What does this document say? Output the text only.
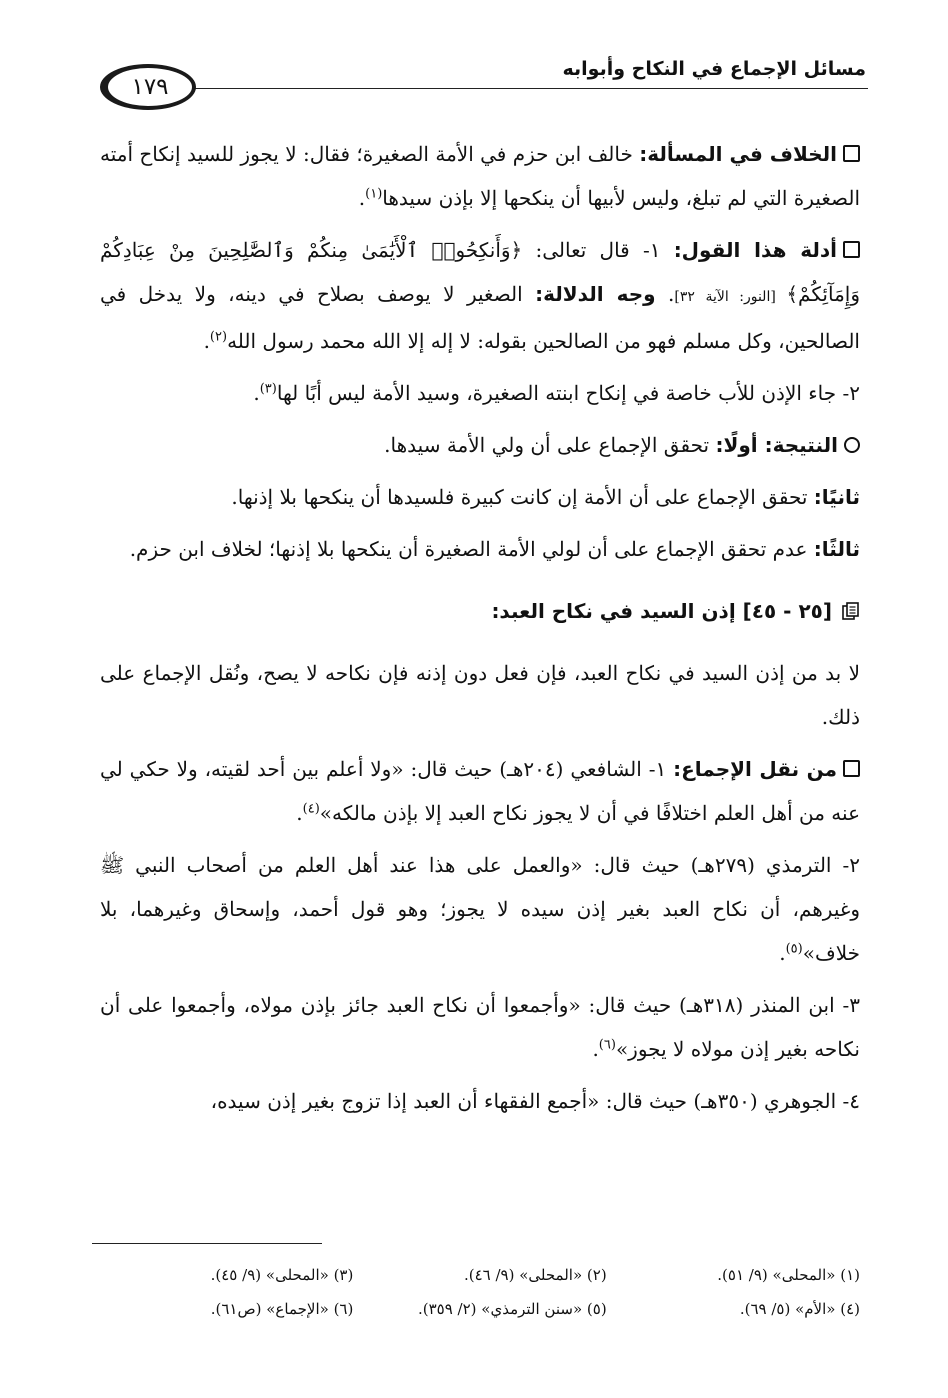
مسائل الإجماع في النكاح وأبوابه
١٧٩

الخلاف في المسألة: خالف ابن حزم في الأمة الصغيرة؛ فقال: لا يجوز للسيد إنكاح أمته الصغيرة التي لم تبلغ، وليس لأبيها أن ينكحها إلا بإذن سيدها$^{(١)}$.

أدلة هذا القول: ١- قال تعالى: ﴿وَأَنكِحُوا۟ ٱلْأَيَٰمَىٰ مِنكُمْ وَٱلصَّٰلِحِينَ مِنْ عِبَادِكُمْ وَإِمَآئِكُمْ﴾ [النور: الآية ٣٢]. وجه الدلالة: الصغير لا يوصف بصلاح في دينه، ولا يدخل في الصالحين، وكل مسلم فهو من الصالحين بقوله: لا إله إلا الله محمد رسول الله$^{(٢)}$.

٢- جاء الإذن للأب خاصة في إنكاح ابنته الصغيرة، وسيد الأمة ليس أبًا لها$^{(٣)}$.

النتيجة: أولًا: تحقق الإجماع على أن ولي الأمة سيدها.

ثانيًا: تحقق الإجماع على أن الأمة إن كانت كبيرة فلسيدها أن ينكحها بلا إذنها.

ثالثًا: عدم تحقق الإجماع على أن لولي الأمة الصغيرة أن ينكحها بلا إذنها؛ لخلاف ابن حزم.

[٢٥ - ٤٥] إذن السيد في نكاح العبد:

لا بد من إذن السيد في نكاح العبد، فإن فعل دون إذنه فإن نكاحه لا يصح، ونُقل الإجماع على ذلك.

من نقل الإجماع: ١- الشافعي (٢٠٤هـ) حيث قال: «ولا أعلم بين أحد لقيته، ولا حكي لي عنه من أهل العلم اختلافًا في أن لا يجوز نكاح العبد إلا بإذن مالكه»$^{(٤)}$.

٢- الترمذي (٢٧٩هـ) حيث قال: «والعمل على هذا عند أهل العلم من أصحاب النبي ﷺ وغيرهم، أن نكاح العبد بغير إذن سيده لا يجوز؛ وهو قول أحمد، وإسحاق وغيرهما، بلا خلاف»$^{(٥)}$.

٣- ابن المنذر (٣١٨هـ) حيث قال: «وأجمعوا أن نكاح العبد جائز بإذن مولاه، وأجمعوا على أن نكاحه بغير إذن مولاه لا يجوز»$^{(٦)}$.

٤- الجوهري (٣٥٠هـ) حيث قال: «أجمع الفقهاء أن العبد إذا تزوج بغير إذن سيده،

(١) «المحلى» (٩/ ٥١).
(٢) «المحلى» (٩/ ٤٦).
(٣) «المحلى» (٩/ ٤٥).
(٤) «الأم» (٥/ ٦٩).
(٥) «سنن الترمذي» (٢/ ٣٥٩).
(٦) «الإجماع» (ص٦١).
